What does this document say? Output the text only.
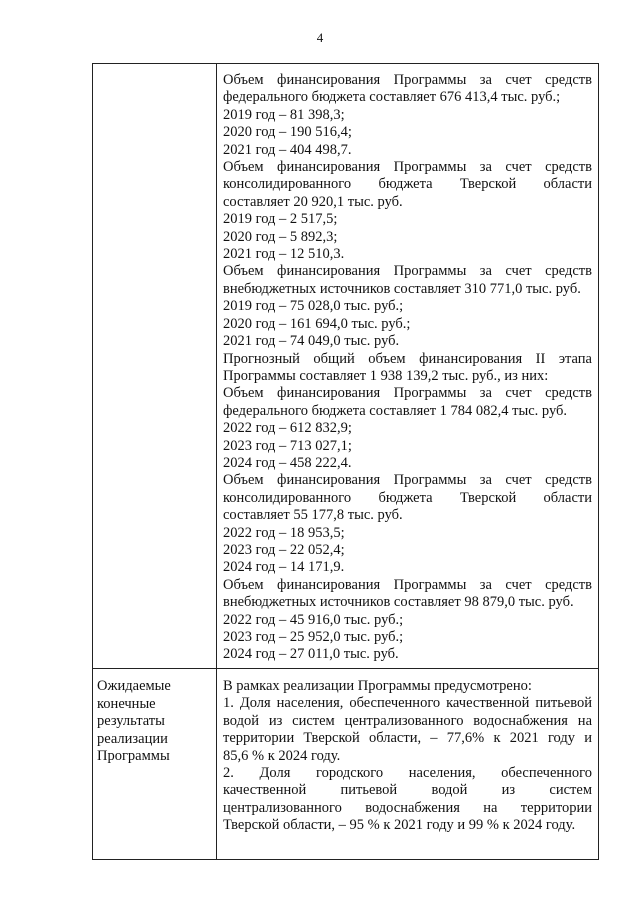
4
Объем финансирования Программы за счет средств
федерального бюджета составляет 676 413,4 тыс. руб.;
2019 год – 81 398,3;
2020 год – 190 516,4;
2021 год – 404 498,7.
Объем финансирования Программы за счет средств
консолидированного бюджета Тверской области
составляет 20 920,1 тыс. руб.
2019 год – 2 517,5;
2020 год – 5 892,3;
2021 год – 12 510,3.
Объем финансирования Программы за счет средств
внебюджетных источников составляет 310 771,0 тыс. руб.
2019 год – 75 028,0 тыс. руб.;
2020 год – 161 694,0 тыс. руб.;
2021 год – 74 049,0 тыс. руб.
Прогнозный общий объем финансирования II этапа
Программы составляет 1 938 139,2 тыс. руб., из них:
Объем финансирования Программы за счет средств
федерального бюджета составляет 1 784 082,4 тыс. руб.
2022 год – 612 832,9;
2023 год – 713 027,1;
2024 год – 458 222,4.
Объем финансирования Программы за счет средств
консолидированного бюджета Тверской области
составляет 55 177,8 тыс. руб.
2022 год – 18 953,5;
2023 год – 22 052,4;
2024 год – 14 171,9.
Объем финансирования Программы за счет средств
внебюджетных источников составляет 98 879,0 тыс. руб.
2022 год – 45 916,0 тыс. руб.;
2023 год – 25 952,0 тыс. руб.;
2024 год – 27 011,0 тыс. руб.
Ожидаемые
конечные
результаты
реализации
Программы
В рамках реализации Программы предусмотрено:
1. Доля населения, обеспеченного качественной питьевой
водой из систем централизованного водоснабжения на
территории Тверской области, – 77,6% к 2021 году и
85,6 % к 2024 году.
2. Доля городского населения, обеспеченного
качественной питьевой водой из систем
централизованного водоснабжения на территории
Тверской области, – 95 % к 2021 году и 99 % к 2024 году.
